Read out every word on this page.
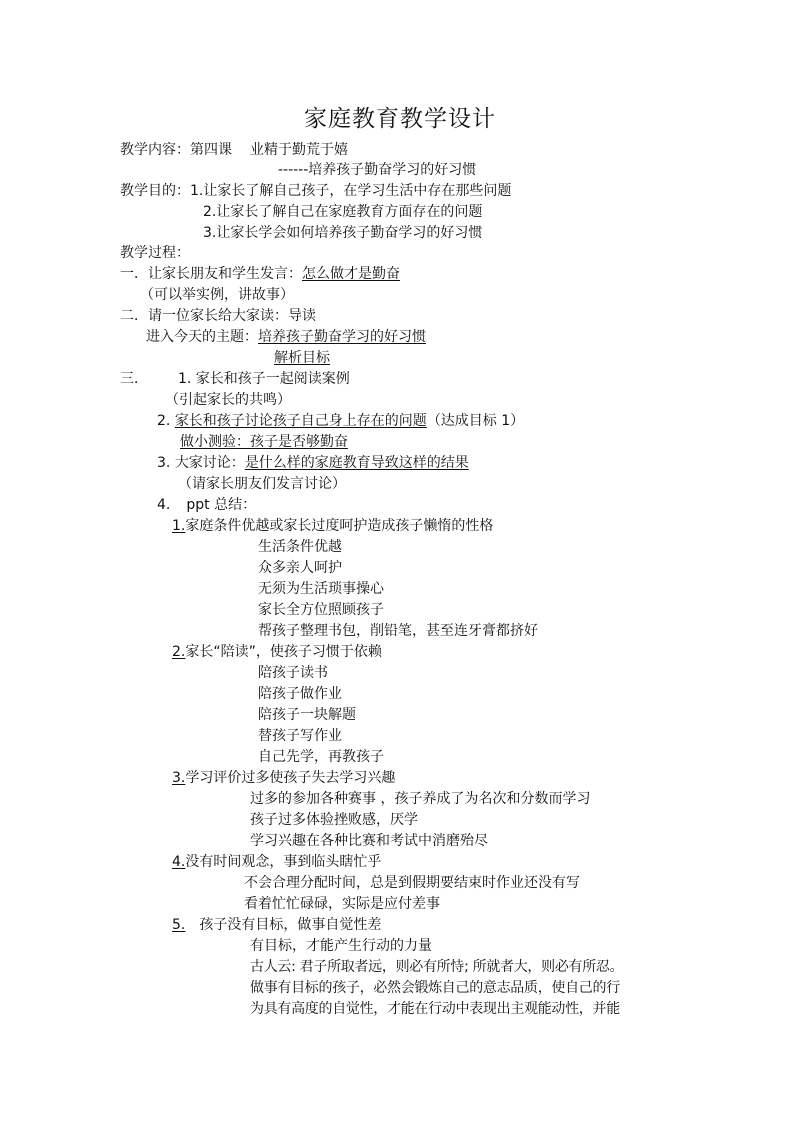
家庭教育教学设计
教学内容：第四课 业精于勤荒于嬉
------培养孩子勤奋学习的好习惯
教学目的：1.让家长了解自己孩子，在学习生活中存在那些问题
2.让家长了解自己在家庭教育方面存在的问题
3.让家长学会如何培养孩子勤奋学习的好习惯
教学过程：
一．让家长朋友和学生发言：怎么做才是勤奋
（可以举实例，讲故事）
二．请一位家长给大家读：导读
进入今天的主题：培养孩子勤奋学习的好习惯
解析目标
三． 1. 家长和孩子一起阅读案例
（引起家长的共鸣）
2. 家长和孩子讨论孩子自己身上存在的问题（达成目标 1）
做小测验：孩子是否够勤奋
3. 大家讨论：是什么样的家庭教育导致这样的结果
（请家长朋友们发言讨论）
4. ppt 总结：
1.家庭条件优越或家长过度呵护造成孩子懒惰的性格
生活条件优越
众多亲人呵护
无须为生活琐事操心
家长全方位照顾孩子
帮孩子整理书包，削铅笔，甚至连牙膏都挤好
2.家长“陪读”，使孩子习惯于依赖
陪孩子读书
陪孩子做作业
陪孩子一块解题
替孩子写作业
自己先学，再教孩子
3.学习评价过多使孩子失去学习兴趣
过多的参加各种赛事 ，孩子养成了为名次和分数而学习
孩子过多体验挫败感，厌学
学习兴趣在各种比赛和考试中消磨殆尽
4.没有时间观念，事到临头瞎忙乎
不会合理分配时间，总是到假期要结束时作业还没有写
看着忙忙碌碌，实际是应付差事
5. 孩子没有目标，做事自觉性差
有目标，才能产生行动的力量
古人云: 君子所取者远，则必有所恃; 所就者大，则必有所忍。
做事有目标的孩子，必然会锻炼自己的意志品质，使自己的行
为具有高度的自觉性，才能在行动中表现出主观能动性，并能
